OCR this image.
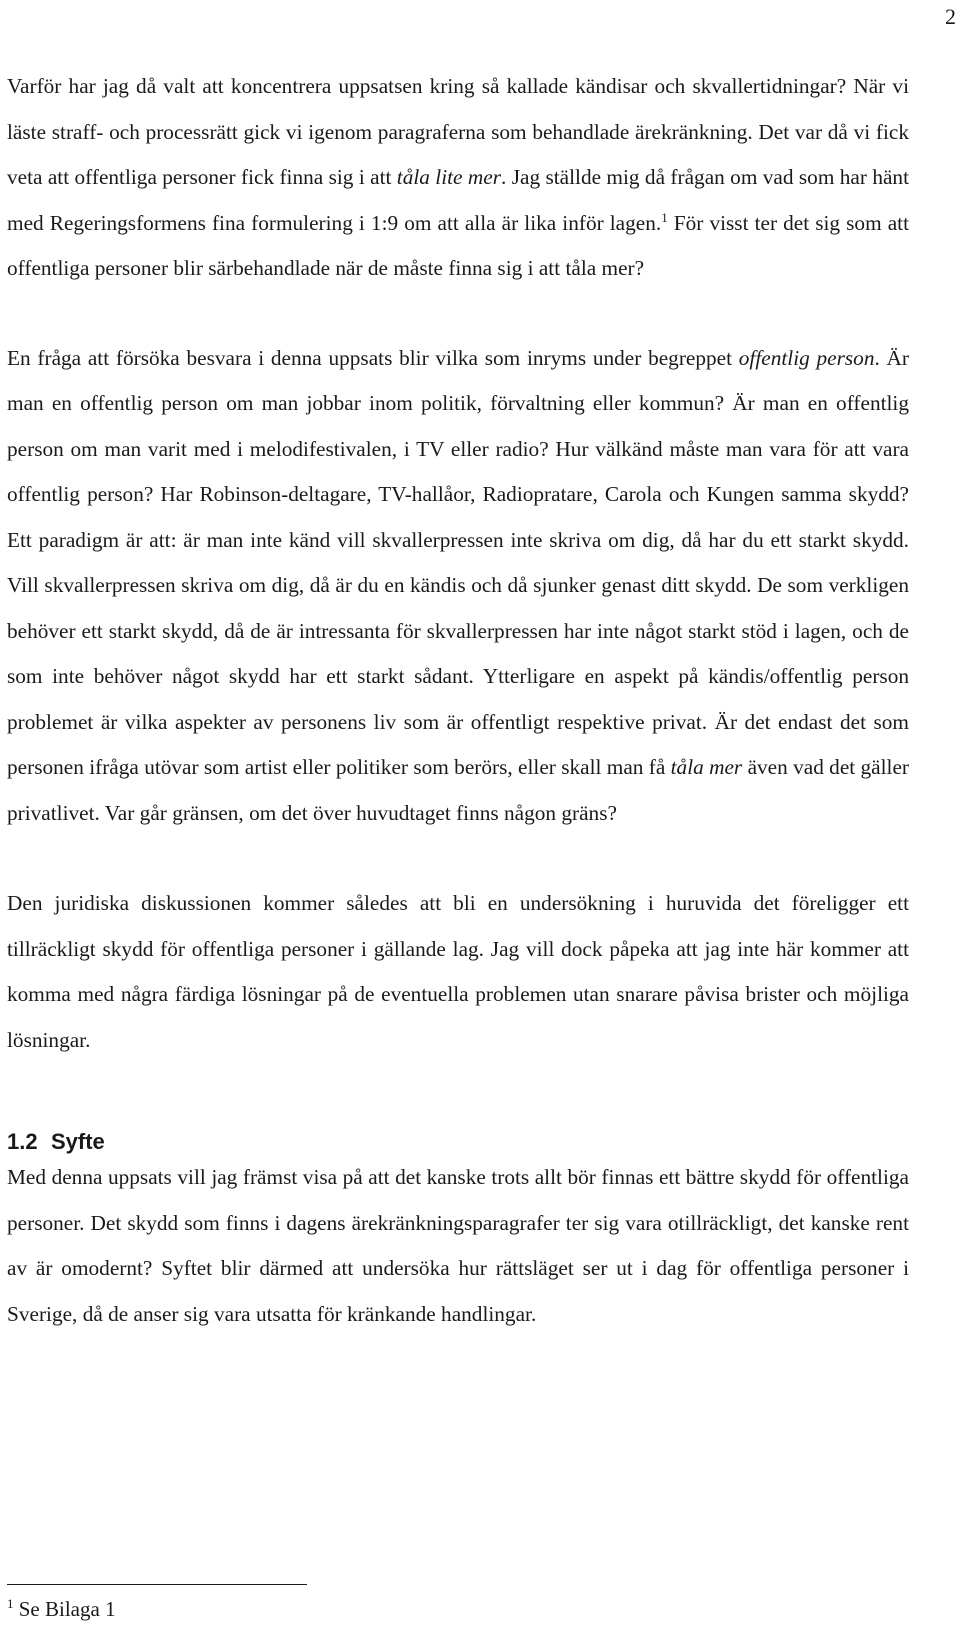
2

Varför har jag då valt att koncentrera uppsatsen kring så kallade kändisar och skvallertidningar? När vi läste straff- och processrätt gick vi igenom paragraferna som behandlade ärekränkning. Det var då vi fick veta att offentliga personer fick finna sig i att tåla lite mer. Jag ställde mig då frågan om vad som har hänt med Regeringsformens fina formulering i 1:9 om att alla är lika inför lagen.$^1$ För visst ter det sig som att offentliga personer blir särbehandlade när de måste finna sig i att tåla mer?

En fråga att försöka besvara i denna uppsats blir vilka som inryms under begreppet offentlig person. Är man en offentlig person om man jobbar inom politik, förvaltning eller kommun? Är man en offentlig person om man varit med i melodifestivalen, i TV eller radio? Hur välkänd måste man vara för att vara offentlig person? Har Robinson-deltagare, TV-hallåor, Radiopratare, Carola och Kungen samma skydd? Ett paradigm är att: är man inte känd vill skvallerpressen inte skriva om dig, då har du ett starkt skydd. Vill skvallerpressen skriva om dig, då är du en kändis och då sjunker genast ditt skydd. De som verkligen behöver ett starkt skydd, då de är intressanta för skvallerpressen har inte något starkt stöd i lagen, och de som inte behöver något skydd har ett starkt sådant. Ytterligare en aspekt på kändis/offentlig person problemet är vilka aspekter av personens liv som är offentligt respektive privat. Är det endast det som personen ifråga utövar som artist eller politiker som berörs, eller skall man få tåla mer även vad det gäller privatlivet. Var går gränsen, om det över huvudtaget finns någon gräns?

Den juridiska diskussionen kommer således att bli en undersökning i huruvida det föreligger ett tillräckligt skydd för offentliga personer i gällande lag. Jag vill dock påpeka att jag inte här kommer att komma med några färdiga lösningar på de eventuella problemen utan snarare påvisa brister och möjliga lösningar.

1.2 Syfte

Med denna uppsats vill jag främst visa på att det kanske trots allt bör finnas ett bättre skydd för offentliga personer. Det skydd som finns i dagens ärekränkningsparagrafer ter sig vara otillräckligt, det kanske rent av är omodernt? Syftet blir därmed att undersöka hur rättsläget ser ut i dag för offentliga personer i Sverige, då de anser sig vara utsatta för kränkande handlingar.

$^1$ Se Bilaga 1
